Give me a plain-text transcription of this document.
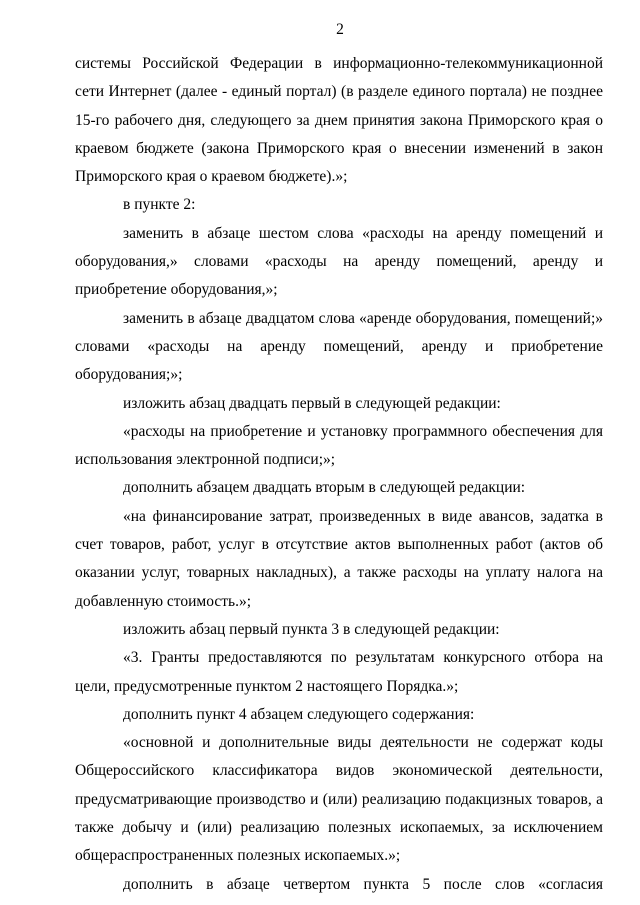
2
системы Российской Федерации в информационно-телекоммуникационной
сети Интернет (далее - единый портал) (в разделе единого портала) не позднее
15-го рабочего дня, следующего за днем принятия закона Приморского края о
краевом бюджете (закона Приморского края о внесении изменений в закон
Приморского края о краевом бюджете).»;
в пункте 2:
заменить в абзаце шестом слова «расходы на аренду помещений и
оборудования,» словами «расходы на аренду помещений, аренду и
приобретение оборудования,»;
заменить в абзаце двадцатом слова «аренде оборудования, помещений;»
словами «расходы на аренду помещений, аренду и приобретение
оборудования;»;
изложить абзац двадцать первый в следующей редакции:
«расходы на приобретение и установку программного обеспечения для
использования электронной подписи;»;
дополнить абзацем двадцать вторым в следующей редакции:
«на финансирование затрат, произведенных в виде авансов, задатка в
счет товаров, работ, услуг в отсутствие актов выполненных работ (актов об
оказании услуг, товарных накладных), а также расходы на уплату налога на
добавленную стоимость.»;
изложить абзац первый пункта 3 в следующей редакции:
«3. Гранты предоставляются по результатам конкурсного отбора на
цели, предусмотренные пунктом 2 настоящего Порядка.»;
дополнить пункт 4 абзацем следующего содержания:
«основной и дополнительные виды деятельности не содержат коды
Общероссийского классификатора видов экономической деятельности,
предусматривающие производство и (или) реализацию подакцизных товаров, а
также добычу и (или) реализацию полезных ископаемых, за исключением
общераспространенных полезных ископаемых.»;
дополнить в абзаце четвертом пункта 5 после слов «согласия
